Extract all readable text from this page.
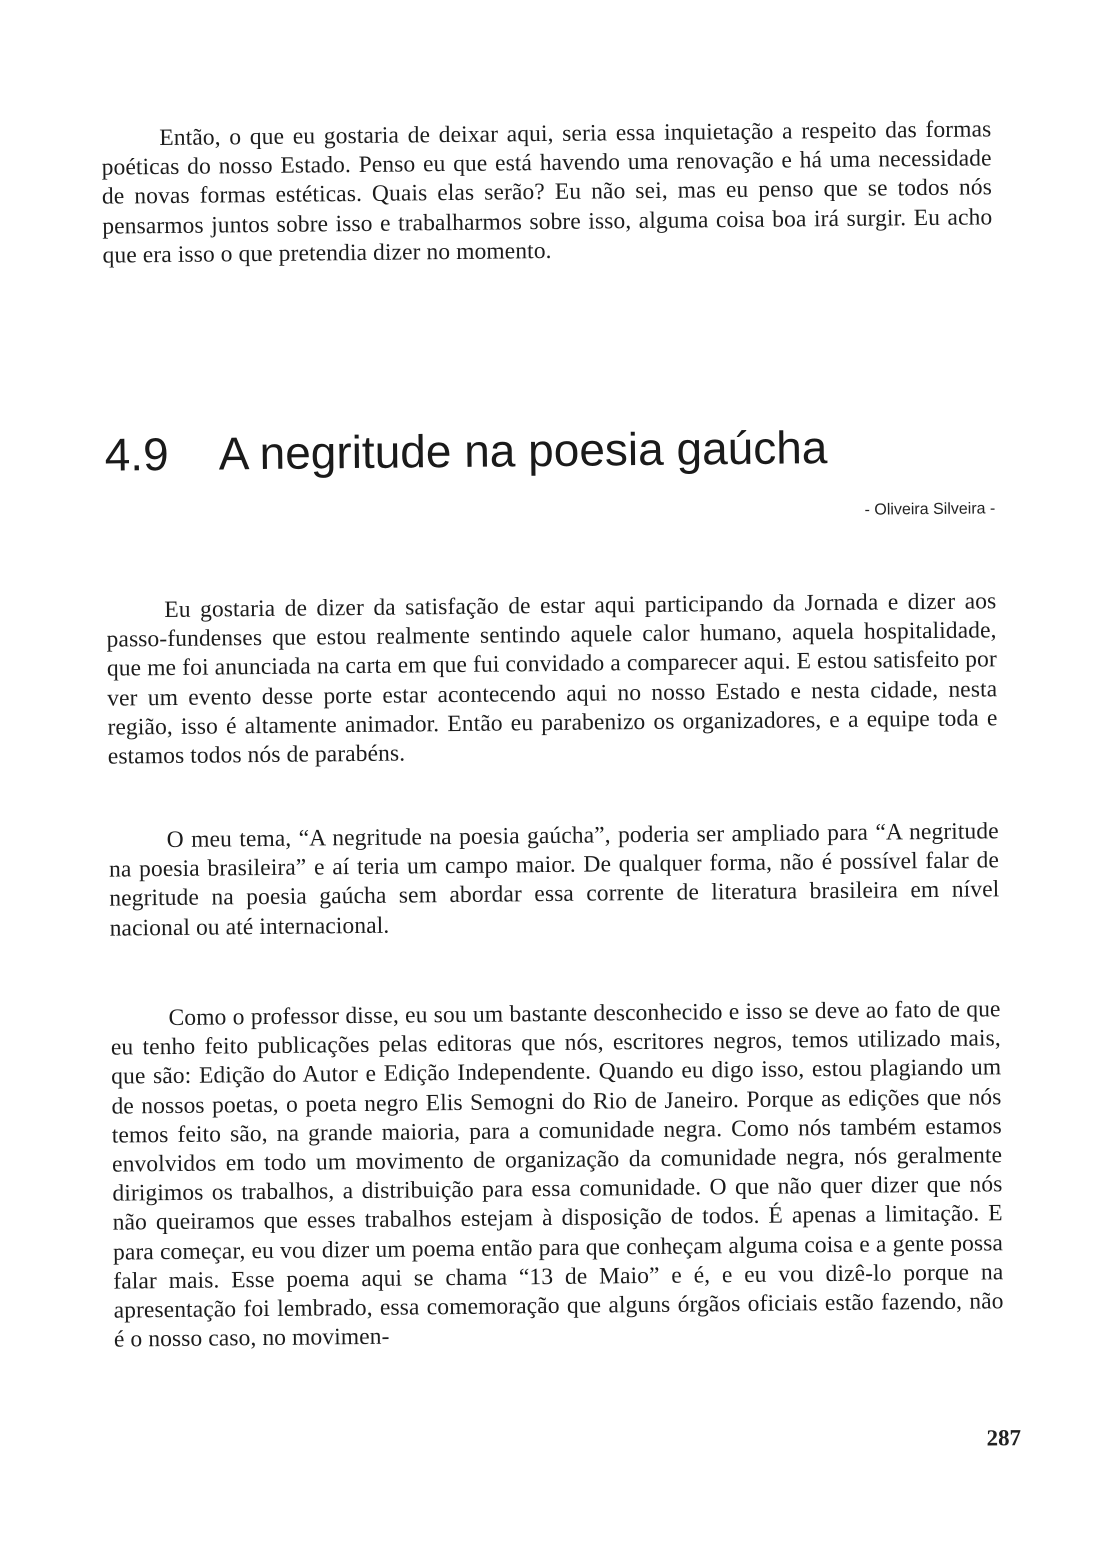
Então, o que eu gostaria de deixar aqui, seria essa inquietação a respeito das formas poéticas do nosso Estado. Penso eu que está havendo uma renovação e há uma necessidade de novas formas estéticas. Quais elas serão? Eu não sei, mas eu penso que se todos nós pensarmos juntos sobre isso e trabalharmos sobre isso, alguma coisa boa irá surgir. Eu acho que era isso o que pretendia dizer no momento.

4.9 A negritude na poesia gaúcha
- Oliveira Silveira -

Eu gostaria de dizer da satisfação de estar aqui participando da Jornada e dizer aos passo-fundenses que estou realmente sentindo aquele calor humano, aquela hospitalidade, que me foi anunciada na carta em que fui convidado a comparecer aqui. E estou satisfeito por ver um evento desse porte estar acontecendo aqui no nosso Estado e nesta cidade, nesta região, isso é altamente animador. Então eu parabenizo os organizadores, e a equipe toda e estamos todos nós de parabéns.

O meu tema, “A negritude na poesia gaúcha”, poderia ser ampliado para “A negritude na poesia brasileira” e aí teria um campo maior. De qualquer forma, não é possível falar de negritude na poesia gaúcha sem abordar essa corrente de literatura brasileira em nível nacional ou até internacional.

Como o professor disse, eu sou um bastante desconhecido e isso se deve ao fato de que eu tenho feito publicações pelas editoras que nós, escritores negros, temos utilizado mais, que são: Edição do Autor e Edição Independente. Quando eu digo isso, estou plagiando um de nossos poetas, o poeta negro Elis Semogni do Rio de Janeiro. Porque as edições que nós temos feito são, na grande maioria, para a comunidade negra. Como nós também estamos envolvidos em todo um movimento de organização da comunidade negra, nós geralmente dirigimos os trabalhos, a distribuição para essa comunidade. O que não quer dizer que nós não queiramos que esses trabalhos estejam à disposição de todos. É apenas a limitação. E para começar, eu vou dizer um poema então para que conheçam alguma coisa e a gente possa falar mais. Esse poema aqui se chama “13 de Maio” e é, e eu vou dizê-lo porque na apresentação foi lembrado, essa comemoração que alguns órgãos oficiais estão fazendo, não é o nosso caso, no movimen-

287
